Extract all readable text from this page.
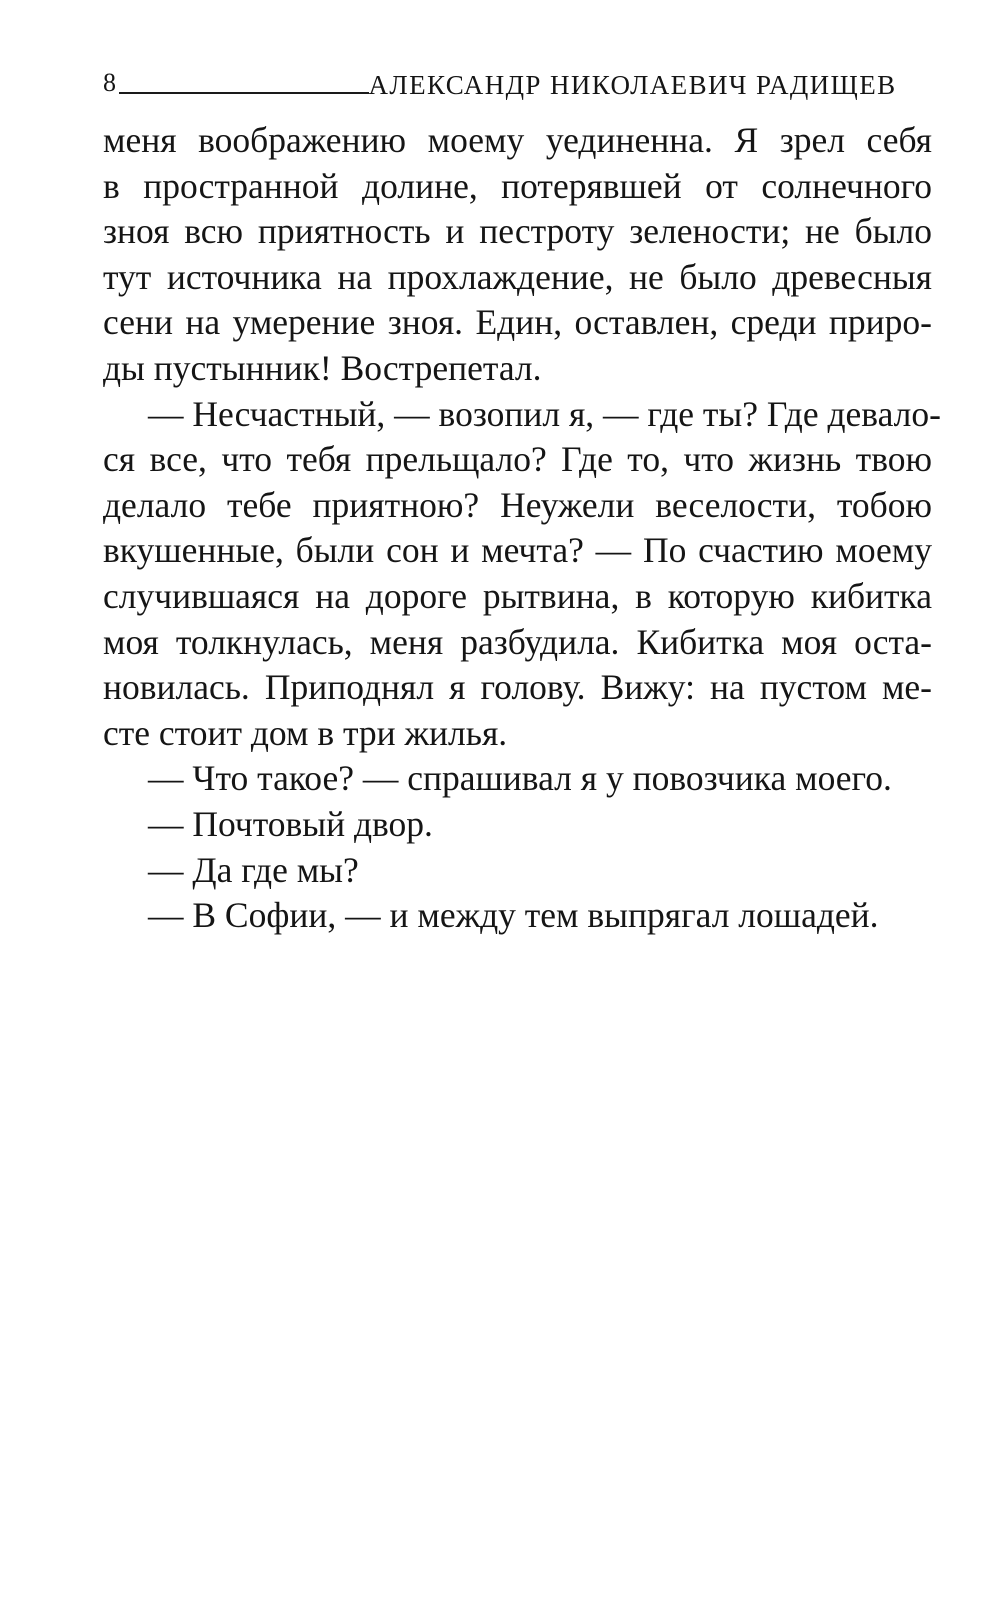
8	АЛЕКСАНДР НИКОЛАЕВИЧ РАДИЩЕВ
меня воображению моему уединенна. Я зрел себя
в пространной долине, потерявшей от солнечного
зноя всю приятность и пестроту зелености; не было
тут источника на прохлаждение, не было древесныя
сени на умерение зноя. Един, оставлен, среди приро-
ды пустынник! Вострепетал.
— Несчастный, — возопил я, — где ты? Где девало-
ся все, что тебя прельщало? Где то, что жизнь твою
делало тебе приятною? Неужели веселости, тобою
вкушенные, были сон и мечта? — По счастию моему
случившаяся на дороге рытвина, в которую кибитка
моя толкнулась, меня разбудила. Кибитка моя оста-
новилась. Приподнял я голову. Вижу: на пустом ме-
сте стоит дом в три жилья.
— Что такое? — спрашивал я у повозчика моего.
— Почтовый двор.
— Да где мы?
— В Софии, — и между тем выпрягал лошадей.
